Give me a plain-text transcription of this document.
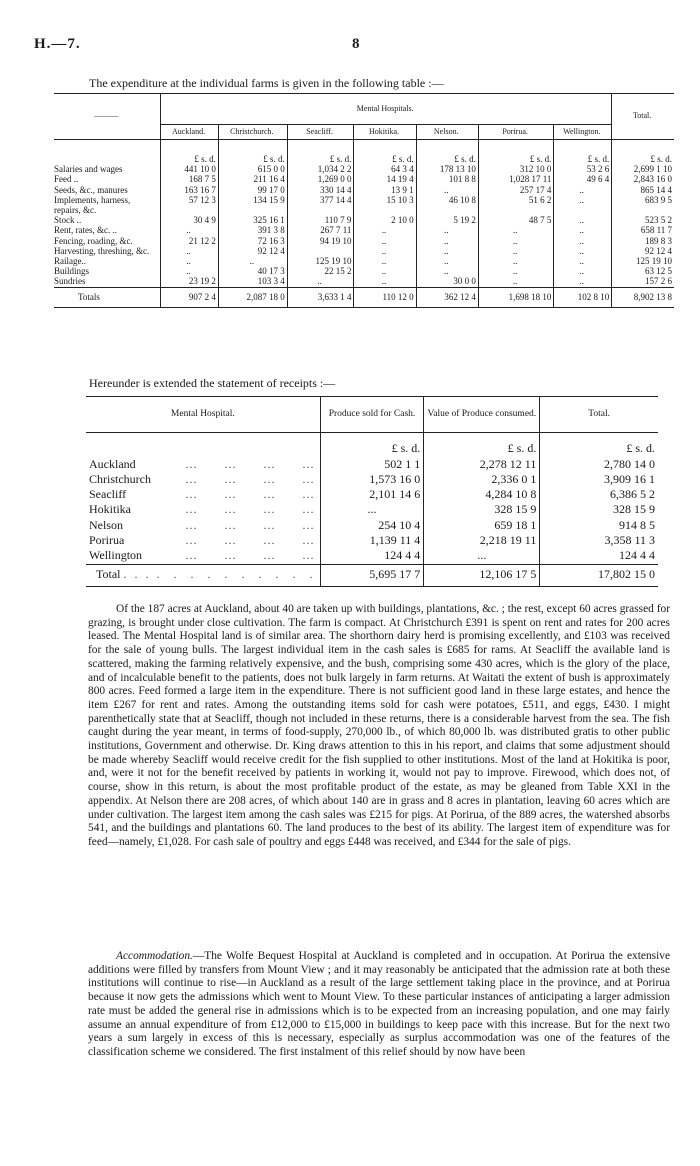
H.—7.	8
The expenditure at the individual farms is given in the following table :—
———	Mental Hospitals.							Total.
	Auckland.	Christchurch.	Seacliff.	Hokitika.	Nelson.	Porirua.	Wellington.	
	£ s. d.	£ s. d.	£ s. d.	£ s. d.	£ s. d.	£ s. d.	£ s. d.	£ s. d.
Salaries and wages	441 10 0	615 0 0	1,034 2 2	64 3 4	178 13 10	312 10 0	53 2 6	2,699 1 10
Feed ..	168 7 5	211 16 4	1,269 0 0	14 19 4	101 8 8	1,028 17 11	49 6 4	2,843 16 0
Seeds, &c., manures	163 16 7	99 17 0	330 14 4	13 9 1	..	257 17 4	..	865 14 4
Implements, harness, repairs, &c.	57 12 3	134 15 9	377 14 4	15 10 3	46 10 8	51 6 2	..	683 9 5
Stock ..	30 4 9	325 16 1	110 7 9	2 10 0	5 19 2	48 7 5	..	523 5 2
Rent, rates, &c. ..	..	391 3 8	267 7 11	..	..	..	..	658 11 7
Fencing, roading, &c.	21 12 2	72 16 3	94 19 10	..	..	..	..	189 8 3
Harvesting, threshing, &c.	..	92 12 4		..	..	..	..	92 12 4
Railage..	..	..	125 19 10	..	..	..	..	125 19 10
Buildings	..	40 17 3	22 15 2	..	..	..	..	63 12 5
Sundries	23 19 2	103 3 4	..	..	30 0 0	..	..	157 2 6
Totals	907 2 4	2,087 18 0	3,633 1 4	110 12 0	362 12 4	1,698 18 10	102 8 10	8,902 13 8
Hereunder is extended the statement of receipts :—
Mental Hospital.	Produce sold for Cash.	Value of Produce consumed.	Total.
	£ s. d.	£ s. d.	£ s. d.
Auckland … … … …	502 1 1	2,278 12 11	2,780 14 0
Christchurch … … … …	1,573 16 0	2,336 0 1	3,909 16 1
Seacliff … … … …	2,101 14 6	4,284 10 8	6,386 5 2
Hokitika … … … …	...	328 15 9	328 15 9
Nelson … … … …	254 10 4	659 18 1	914 8 5
Porirua … … … …	1,139 11 4	2,218 19 11	3,358 11 3
Wellington … … … …	124 4 4	...	124 4 4
Total .............	5,695 17 7	12,106 17 5	17,802 15 0

Of the 187 acres at Auckland, about 40 are taken up with buildings, plantations, &c. ; the rest, except 60 acres grassed for grazing, is brought under close cultivation. The farm is compact. At Christchurch £391 is spent on rent and rates for 200 acres leased. The Mental Hospital land is of similar area. The shorthorn dairy herd is promising excellently, and £103 was received for the sale of young bulls. The largest individual item in the cash sales is £685 for rams. At Seacliff the available land is scattered, making the farming relatively expensive, and the bush, comprising some 430 acres, which is the glory of the place, and of incalculable benefit to the patients, does not bulk largely in farm returns. At Waitati the extent of bush is approximately 800 acres. Feed formed a large item in the expenditure. There is not sufficient good land in these large estates, and hence the item £267 for rent and rates. Among the outstanding items sold for cash were potatoes, £511, and eggs, £430. I might parenthetically state that at Seacliff, though not included in these returns, there is a considerable harvest from the sea. The fish caught during the year meant, in terms of food-supply, 270,000 lb., of which 80,000 lb. was distributed gratis to other public institutions, Government and otherwise. Dr. King draws attention to this in his report, and claims that some adjustment should be made whereby Seacliff would receive credit for the fish supplied to other institutions. Most of the land at Hokitika is poor, and, were it not for the benefit received by patients in working it, would not pay to improve. Firewood, which does not, of course, show in this return, is about the most profitable product of the estate, as may be gleaned from Table XXI in the appendix. At Nelson there are 208 acres, of which about 140 are in grass and 8 acres in plantation, leaving 60 acres which are under cultivation. The largest item among the cash sales was £215 for pigs. At Porirua, of the 889 acres, the watershed absorbs 541, and the buildings and plantations 60. The land produces to the best of its ability. The largest item of expenditure was for feed—namely, £1,028. For cash sale of poultry and eggs £448 was received, and £344 for the sale of pigs.

Accommodation.—The Wolfe Bequest Hospital at Auckland is completed and in occupation. At Porirua the extensive additions were filled by transfers from Mount View ; and it may reasonably be anticipated that the admission rate at both these institutions will continue to rise—in Auckland as a result of the large settlement taking place in the province, and at Porirua because it now gets the admissions which went to Mount View. To these particular instances of anticipating a larger admission rate must be added the general rise in admissions which is to be expected from an increasing population, and one may fairly assume an annual expenditure of from £12,000 to £15,000 in buildings to keep pace with this increase. But for the next two years a sum largely in excess of this is necessary, especially as surplus accommodation was one of the features of the classification scheme we considered. The first instalment of this relief should by now have been
